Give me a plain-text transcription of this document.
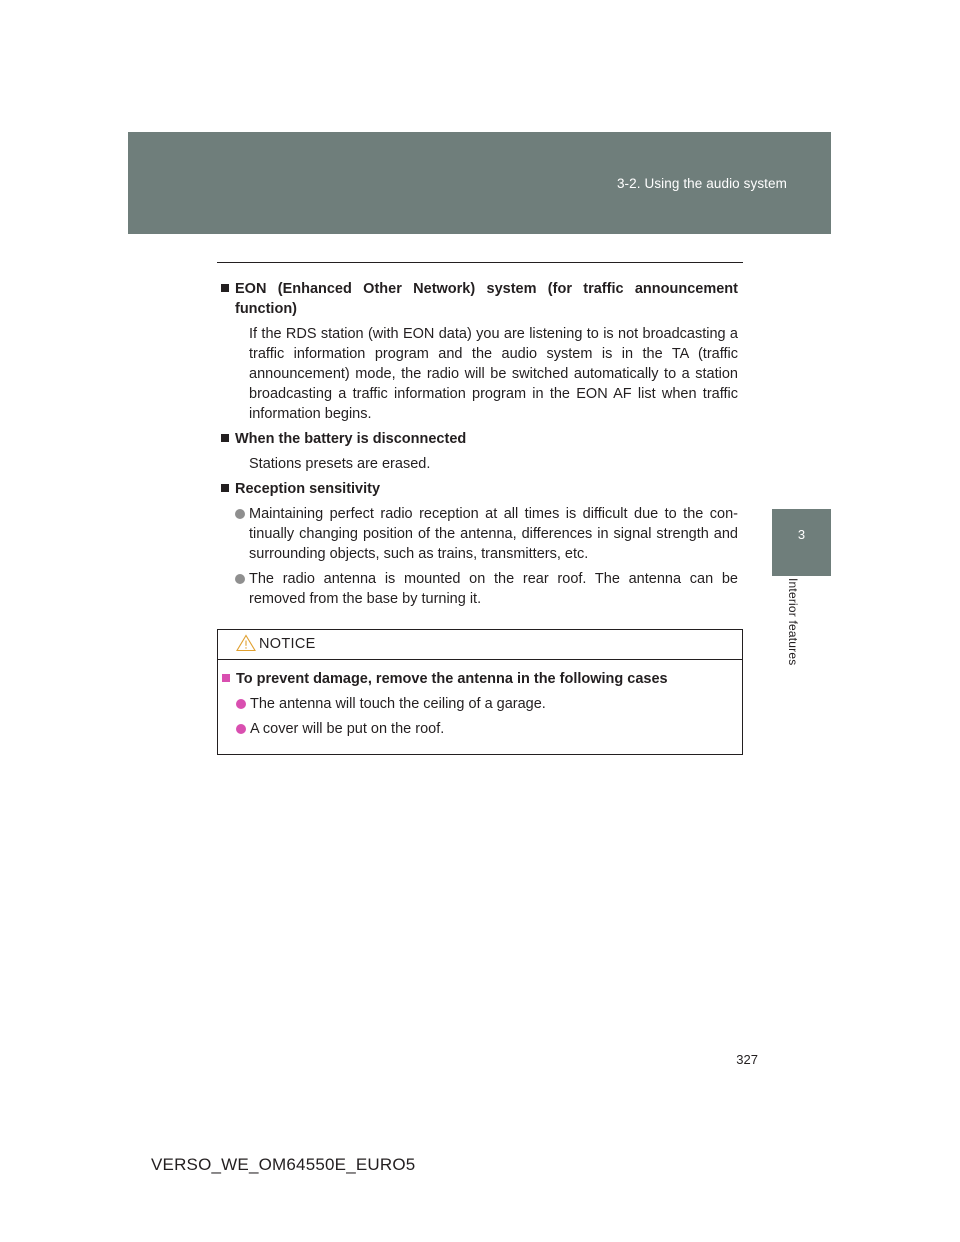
3-2. Using the audio system
3
Interior features

EON (Enhanced Other Network) system (for traffic announcement function)

If the RDS station (with EON data) you are listening to is not broadcasting a traffic information program and the audio system is in the TA (traffic announcement) mode, the radio will be switched automatically to a station broadcasting a traffic information program in the EON AF list when traffic information begins.

When the battery is disconnected

Stations presets are erased.

Reception sensitivity

Maintaining perfect radio reception at all times is difficult due to the con-tinually changing position of the antenna, differences in signal strength and surrounding objects, such as trains, transmitters, etc.
The radio antenna is mounted on the rear roof. The antenna can be removed from the base by turning it.
NOTICE

To prevent damage, remove the antenna in the following cases

The antenna will touch the ceiling of a garage.
A cover will be put on the roof.
327
VERSO_WE_OM64550E_EURO5
